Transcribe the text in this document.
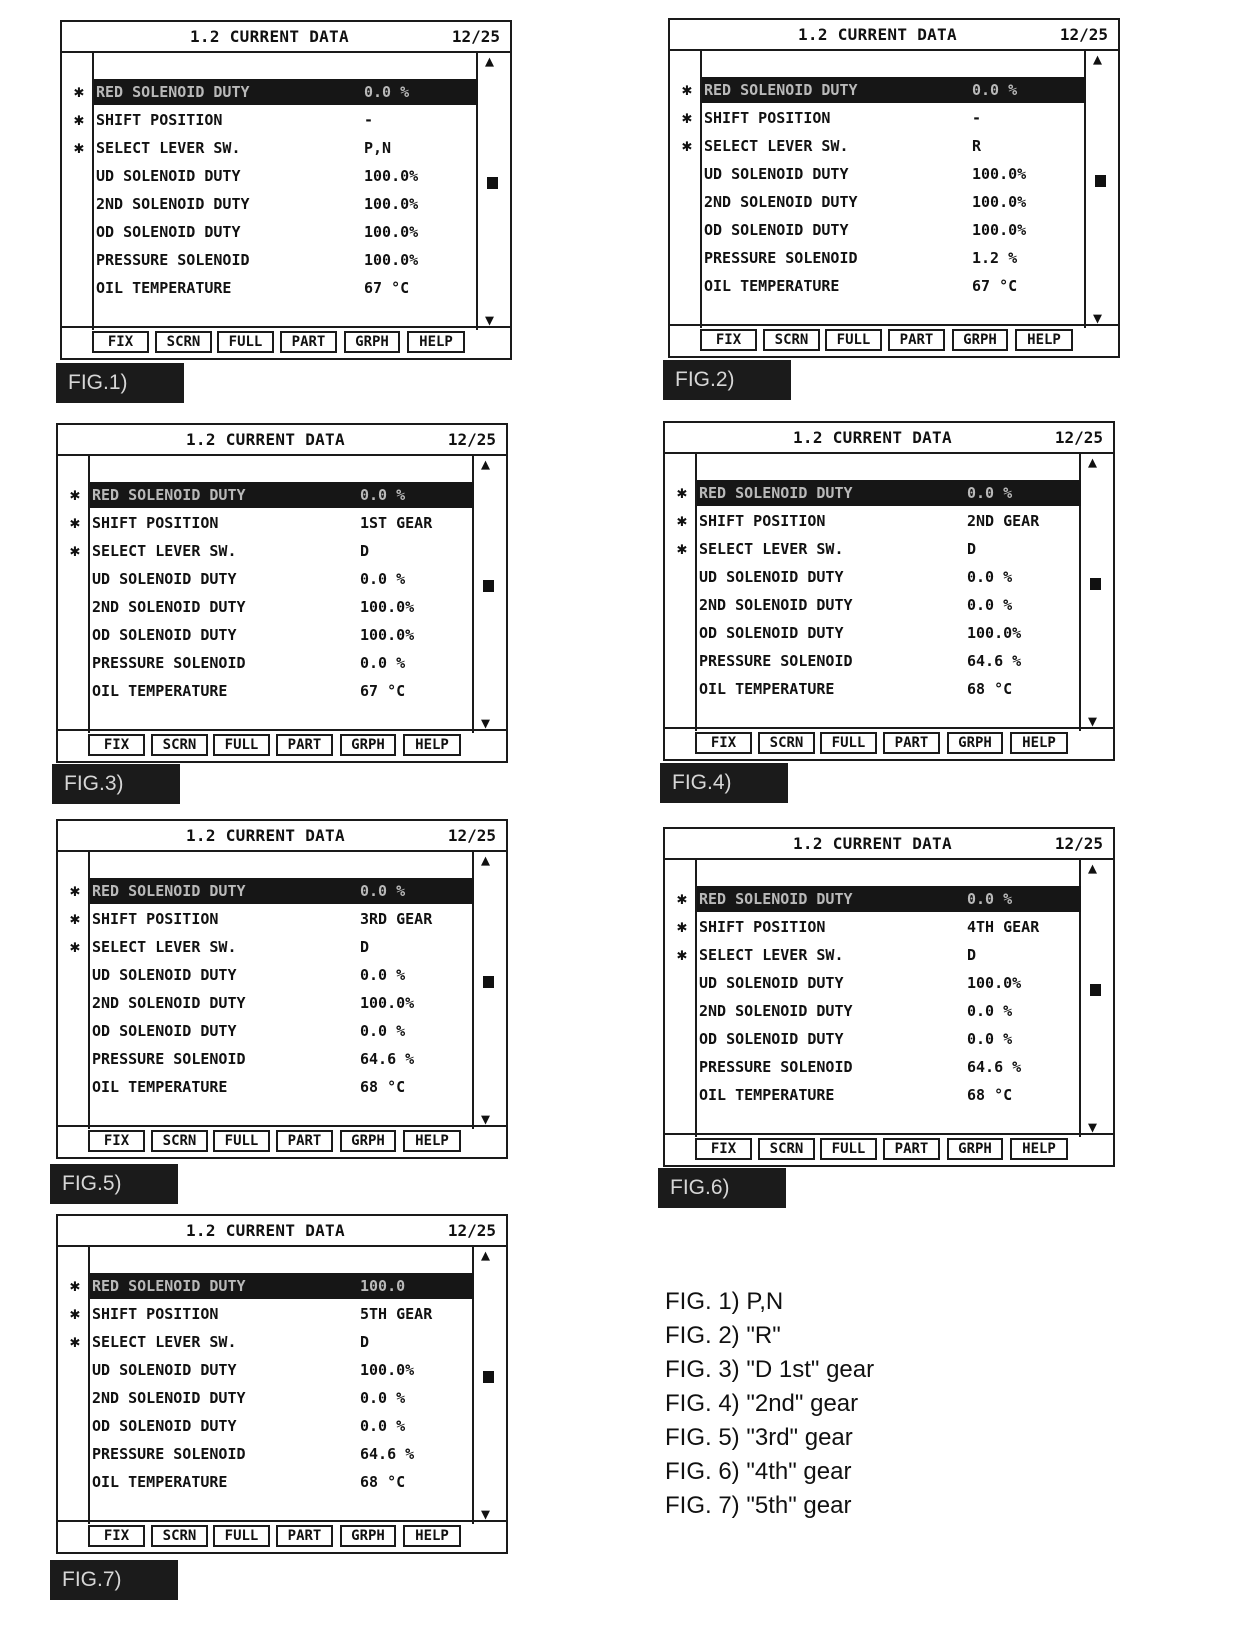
1.2 CURRENT DATA	12/25
✱
✱
✱
RED SOLENOID DUTY	0.0 %
SHIFT POSITION	-
SELECT LEVER SW.	P,N
UD SOLENOID DUTY	100.0%
2ND SOLENOID DUTY	100.0%
OD SOLENOID DUTY	100.0%
PRESSURE SOLENOID	100.0%
OIL TEMPERATURE	67 °C
▲
▼
FIX	SCRN	FULL	PART	GRPH	HELP
FIG.1)
1.2 CURRENT DATA	12/25
✱
✱
✱
RED SOLENOID DUTY	0.0 %
SHIFT POSITION	-
SELECT LEVER SW.	R
UD SOLENOID DUTY	100.0%
2ND SOLENOID DUTY	100.0%
OD SOLENOID DUTY	100.0%
PRESSURE SOLENOID	1.2 %
OIL TEMPERATURE	67 °C
▲
▼
FIX	SCRN	FULL	PART	GRPH	HELP
FIG.2)
1.2 CURRENT DATA	12/25
✱
✱
✱
RED SOLENOID DUTY	0.0 %
SHIFT POSITION	1ST GEAR
SELECT LEVER SW.	D
UD SOLENOID DUTY	0.0 %
2ND SOLENOID DUTY	100.0%
OD SOLENOID DUTY	100.0%
PRESSURE SOLENOID	0.0 %
OIL TEMPERATURE	67 °C
▲
▼
FIX	SCRN	FULL	PART	GRPH	HELP
FIG.3)
1.2 CURRENT DATA	12/25
✱
✱
✱
RED SOLENOID DUTY	0.0 %
SHIFT POSITION	2ND GEAR
SELECT LEVER SW.	D
UD SOLENOID DUTY	0.0 %
2ND SOLENOID DUTY	0.0 %
OD SOLENOID DUTY	100.0%
PRESSURE SOLENOID	64.6 %
OIL TEMPERATURE	68 °C
▲
▼
FIX	SCRN	FULL	PART	GRPH	HELP
FIG.4)
1.2 CURRENT DATA	12/25
✱
✱
✱
RED SOLENOID DUTY	0.0 %
SHIFT POSITION	3RD GEAR
SELECT LEVER SW.	D
UD SOLENOID DUTY	0.0 %
2ND SOLENOID DUTY	100.0%
OD SOLENOID DUTY	0.0 %
PRESSURE SOLENOID	64.6 %
OIL TEMPERATURE	68 °C
▲
▼
FIX	SCRN	FULL	PART	GRPH	HELP
FIG.5)
1.2 CURRENT DATA	12/25
✱
✱
✱
RED SOLENOID DUTY	0.0 %
SHIFT POSITION	4TH GEAR
SELECT LEVER SW.	D
UD SOLENOID DUTY	100.0%
2ND SOLENOID DUTY	0.0 %
OD SOLENOID DUTY	0.0 %
PRESSURE SOLENOID	64.6 %
OIL TEMPERATURE	68 °C
▲
▼
FIX	SCRN	FULL	PART	GRPH	HELP
FIG.6)
1.2 CURRENT DATA	12/25
✱
✱
✱
RED SOLENOID DUTY	100.0
SHIFT POSITION	5TH GEAR
SELECT LEVER SW.	D
UD SOLENOID DUTY	100.0%
2ND SOLENOID DUTY	0.0 %
OD SOLENOID DUTY	0.0 %
PRESSURE SOLENOID	64.6 %
OIL TEMPERATURE	68 °C
▲
▼
FIX	SCRN	FULL	PART	GRPH	HELP
FIG.7)
FIG. 1) P,N
FIG. 2) "R"
FIG. 3) "D 1st" gear
FIG. 4) "2nd" gear
FIG. 5) "3rd" gear
FIG. 6) "4th" gear
FIG. 7) "5th" gear
